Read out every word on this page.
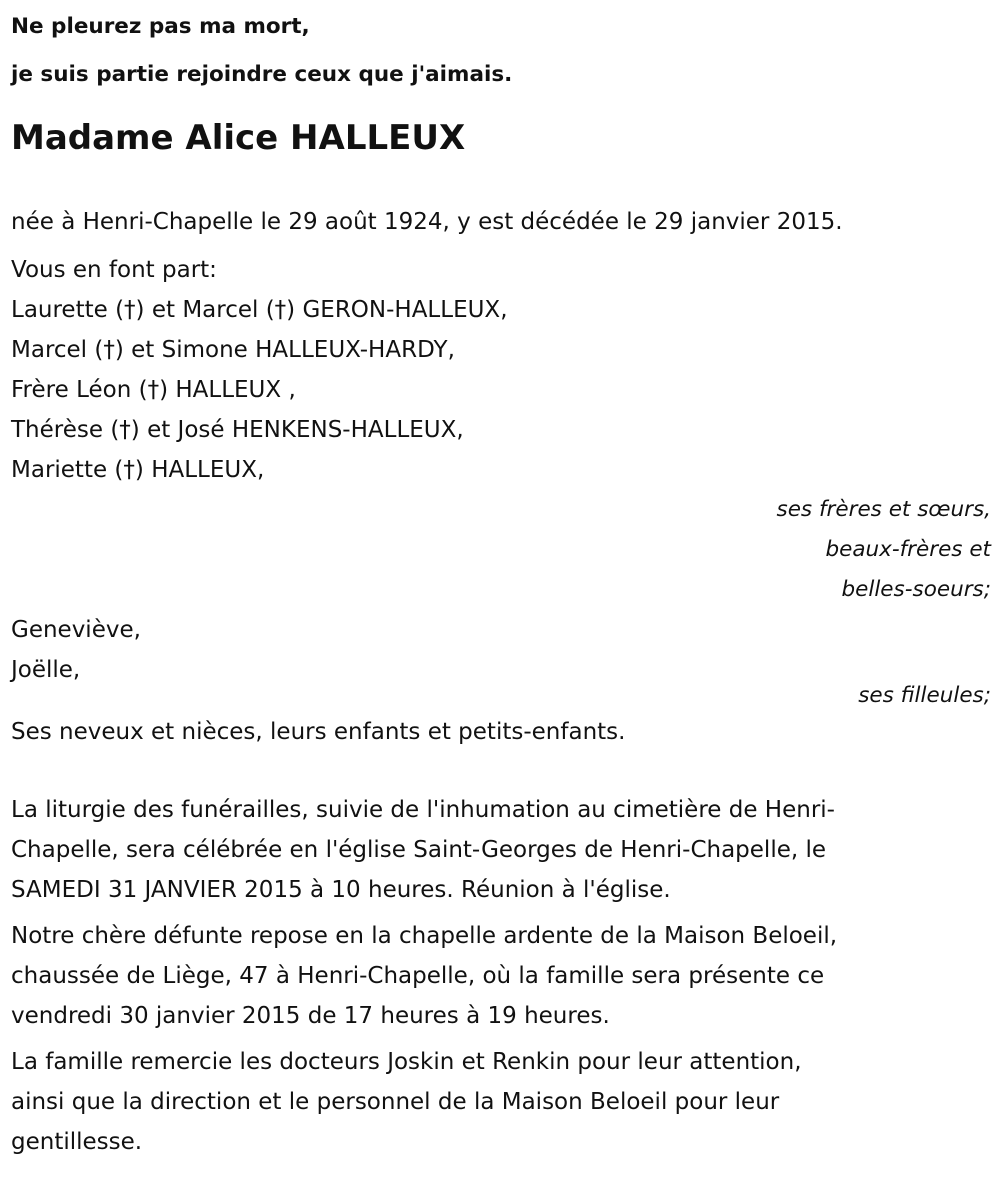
Ne pleurez pas ma mort,
je suis partie rejoindre ceux que j'aimais.
Madame Alice HALLEUX
née à Henri-Chapelle le 29 août 1924, y est décédée le 29 janvier 2015.
Vous en font part:
Laurette (†) et Marcel (†) GERON-HALLEUX,
Marcel (†) et Simone HALLEUX-HARDY,
Frère Léon (†) HALLEUX ,
Thérèse (†) et José HENKENS-HALLEUX,
Mariette (†) HALLEUX,
ses frères et sœurs,
beaux-frères et
belles-soeurs;
Geneviève,
Joëlle,
ses filleules;
Ses neveux et nièces, leurs enfants et petits-enfants.
La liturgie des funérailles, suivie de l'inhumation au cimetière de Henri-
Chapelle, sera célébrée en l'église Saint-Georges de Henri-Chapelle, le
SAMEDI 31 JANVIER 2015 à 10 heures. Réunion à l'église.
Notre chère défunte repose en la chapelle ardente de la Maison Beloeil,
chaussée de Liège, 47 à Henri-Chapelle, où la famille sera présente ce
vendredi 30 janvier 2015 de 17 heures à 19 heures.
La famille remercie les docteurs Joskin et Renkin pour leur attention,
ainsi que la direction et le personnel de la Maison Beloeil pour leur
gentillesse.
